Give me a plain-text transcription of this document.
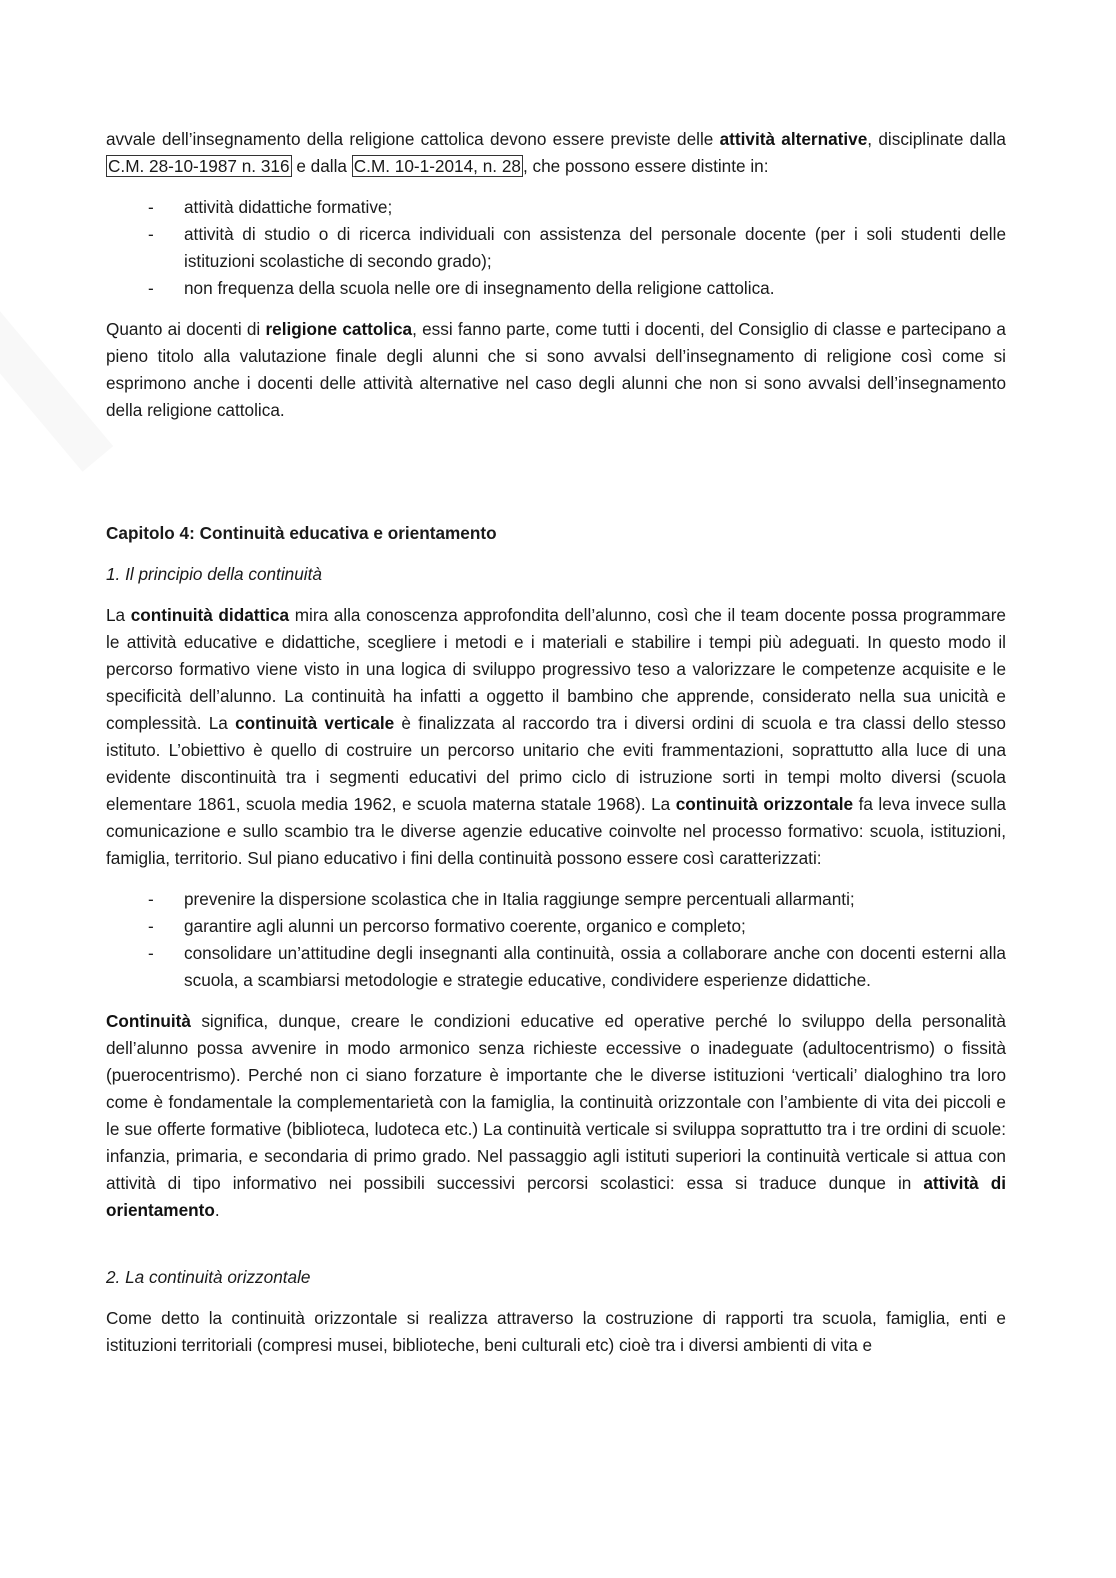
avvale dell’insegnamento della religione cattolica devono essere previste delle attività alternative, disciplinate dalla C.M. 28-10-1987 n. 316 e dalla C.M. 10-1-2014, n. 28 , che possono essere distinte in:

- attività didattiche formative;
- attività di studio o di ricerca individuali con assistenza del personale docente (per i soli studenti delle istituzioni scolastiche di secondo grado);
- non frequenza della scuola nelle ore di insegnamento della religione cattolica.

Quanto ai docenti di religione cattolica, essi fanno parte, come tutti i docenti, del Consiglio di classe e partecipano a pieno titolo alla valutazione finale degli alunni che si sono avvalsi dell’insegnamento di religione così come si esprimono anche i docenti delle attività alternative nel caso degli alunni che non si sono avvalsi dell’insegnamento della religione cattolica.

Capitolo 4: Continuità educativa e orientamento

1. Il principio della continuità

La continuità didattica mira alla conoscenza approfondita dell’alunno, così che il team docente possa programmare le attività educative e didattiche, scegliere i metodi e i materiali e stabilire i tempi più adeguati. In questo modo il percorso formativo viene visto in una logica di sviluppo progressivo teso a valorizzare le competenze acquisite e le specificità dell’alunno. La continuità ha infatti a oggetto il bambino che apprende, considerato nella sua unicità e complessità. La continuità verticale è finalizzata al raccordo tra i diversi ordini di scuola e tra classi dello stesso istituto. L’obiettivo è quello di costruire un percorso unitario che eviti frammentazioni, soprattutto alla luce di una evidente discontinuità tra i segmenti educativi del primo ciclo di istruzione sorti in tempi molto diversi (scuola elementare 1861, scuola media 1962, e scuola materna statale 1968). La continuità orizzontale fa leva invece sulla comunicazione e sullo scambio tra le diverse agenzie educative coinvolte nel processo formativo: scuola, istituzioni, famiglia, territorio. Sul piano educativo i fini della continuità possono essere così caratterizzati:

- prevenire la dispersione scolastica che in Italia raggiunge sempre percentuali allarmanti;
- garantire agli alunni un percorso formativo coerente, organico e completo;
- consolidare un’attitudine degli insegnanti alla continuità, ossia a collaborare anche con docenti esterni alla scuola, a scambiarsi metodologie e strategie educative, condividere esperienze didattiche.

Continuità significa, dunque, creare le condizioni educative ed operative perché lo sviluppo della personalità dell’alunno possa avvenire in modo armonico senza richieste eccessive o inadeguate (adultocentrismo) o fissità (puerocentrismo). Perché non ci siano forzature è importante che le diverse istituzioni ‘verticali’ dialoghino tra loro come è fondamentale la complementarietà con la famiglia, la continuità orizzontale con l’ambiente di vita dei piccoli e le sue offerte formative (biblioteca, ludoteca etc.) La continuità verticale si sviluppa soprattutto tra i tre ordini di scuole: infanzia, primaria, e secondaria di primo grado. Nel passaggio agli istituti superiori la continuità verticale si attua con attività di tipo informativo nei possibili successivi percorsi scolastici: essa si traduce dunque in attività di orientamento.

2. La continuità orizzontale

Come detto la continuità orizzontale si realizza attraverso la costruzione di rapporti tra scuola, famiglia, enti e istituzioni territoriali (compresi musei, biblioteche, beni culturali etc) cioè tra i diversi ambienti di vita e
